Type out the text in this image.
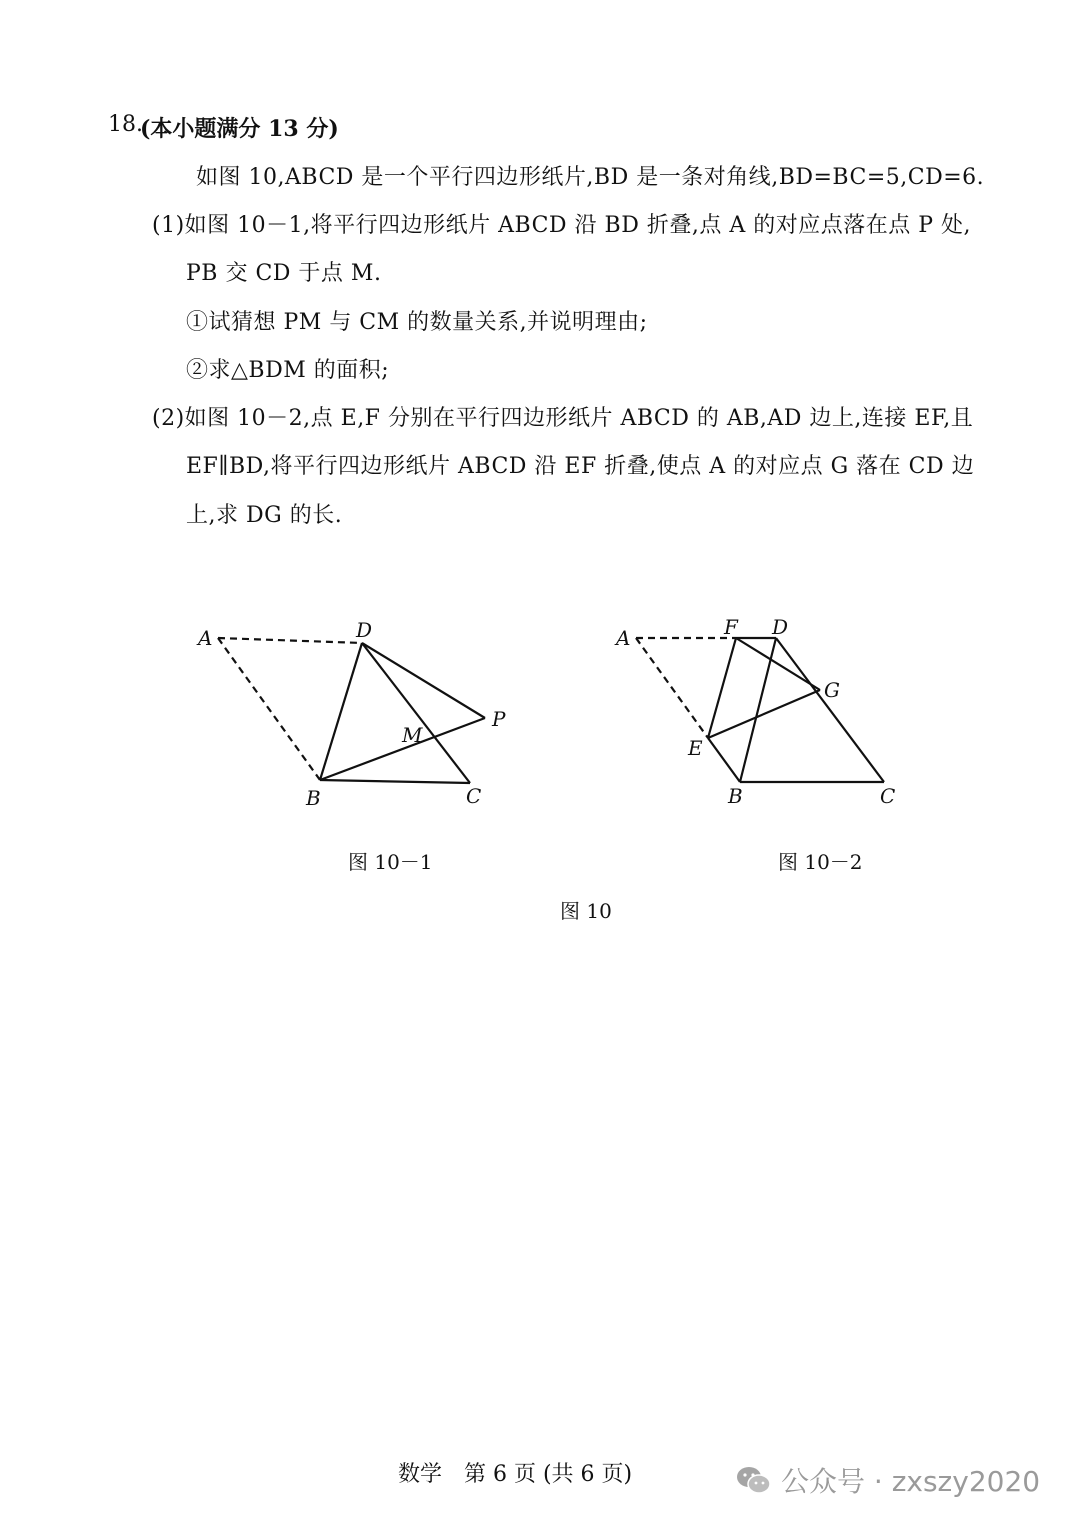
18.
(本小题满分 13 分)
如图 10,ABCD 是一个平行四边形纸片,BD 是一条对角线,BD=BC=5,CD=6.
(1)如图 10－1,将平行四边形纸片 ABCD 沿 BD 折叠,点 A 的对应点落在点 P 处,
PB 交 CD 于点 M.
①试猜想 PM 与 CM 的数量关系,并说明理由;
②求△BDM 的面积;
(2)如图 10－2,点 E,F 分别在平行四边形纸片 ABCD 的 AB,AD 边上,连接 EF,且
EF∥BD,将平行四边形纸片 ABCD 沿 EF 折叠,使点 A 的对应点 G 落在 CD 边
上,求 DG 的长.
A	D
B	C
P
M
A	F D
G
E
B	C
图 10－1	图 10－2
图 10
数学　第 6 页 (共 6 页)	公众号 · zxszy2020
